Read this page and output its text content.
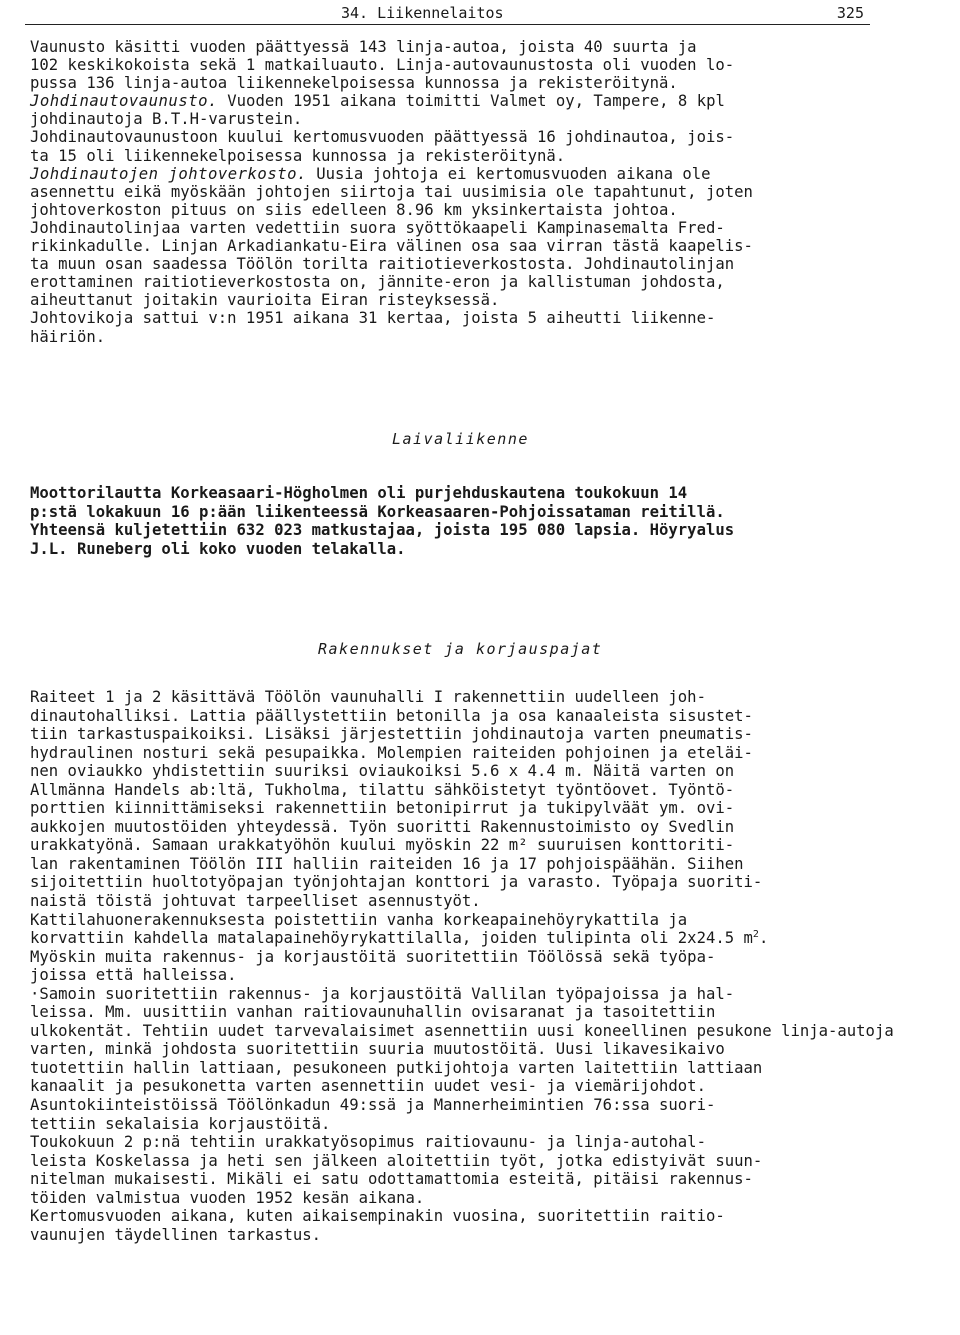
34. Liikennelaitos	325
Vaunusto käsitti vuoden päättyessä 143 linja-autoa, joista 40 suurta ja
102 keskikokoista sekä 1 matkailuauto. Linja-autovaunustosta oli vuoden lo-
pussa 136 linja-autoa liikennekelpoisessa kunnossa ja rekisteröitynä.
Johdinautovaunusto. Vuoden 1951 aikana toimitti Valmet oy, Tampere, 8 kpl
johdinautoja B.T.H-varustein.
Johdinautovaunustoon kuului kertomusvuoden päättyessä 16 johdinautoa, jois-
ta 15 oli liikennekelpoisessa kunnossa ja rekisteröitynä.
Johdinautojen johtoverkosto. Uusia johtoja ei kertomusvuoden aikana ole
asennettu eikä myöskään johtojen siirtoja tai uusimisia ole tapahtunut, joten
johtoverkoston pituus on siis edelleen 8.96 km yksinkertaista johtoa.
Johdinautolinjaa varten vedettiin suora syöttökaapeli Kampinasemalta Fred-
rikinkadulle. Linjan Arkadiankatu-Eira välinen osa saa virran tästä kaapelis-
ta muun osan saadessa Töölön torilta raitiotieverkostosta. Johdinautolinjan
erottaminen raitiotieverkostosta on, jännite-eron ja kallistuman johdosta,
aiheuttanut joitakin vaurioita Eiran risteyksessä.
Johtovikoja sattui v:n 1951 aikana 31 kertaa, joista 5 aiheutti liikenne-
häiriön.
Laivaliikenne
Moottorilautta Korkeasaari-Högholmen oli purjehduskautena toukokuun 14
p:stä lokakuun 16 p:ään liikenteessä Korkeasaaren-Pohjoissataman reitillä.
Yhteensä kuljetettiin 632 023 matkustajaa, joista 195 080 lapsia. Höyryalus
J.L. Runeberg oli koko vuoden telakalla.
Rakennukset ja korjauspajat
Raiteet 1 ja 2 käsittävä Töölön vaunuhalli I rakennettiin uudelleen joh-
dinautohalliksi. Lattia päällystettiin betonilla ja osa kanaaleista sisustet-
tiin tarkastuspaikoiksi. Lisäksi järjestettiin johdinautoja varten pneumatis-
hydraulinen nosturi sekä pesupaikka. Molempien raiteiden pohjoinen ja eteläi-
nen oviaukko yhdistettiin suuriksi oviaukoiksi 5.6 x 4.4 m. Näitä varten on
Allmänna Handels ab:ltä, Tukholma, tilattu sähköistetyt työntöovet. Työntö-
porttien kiinnittämiseksi rakennettiin betonipirrut ja tukipylväät ym. ovi-
aukkojen muutostöiden yhteydessä. Työn suoritti Rakennustoimisto oy Svedlin
urakkatyönä. Samaan urakkatyöhön kuului myöskin 22 m² suuruisen konttoriti-
lan rakentaminen Töölön III halliin raiteiden 16 ja 17 pohjoispäähän. Siihen
sijoitettiin huoltotyöpajan työnjohtajan konttori ja varasto. Työpaja suoriti-
naistä töistä johtuvat tarpeelliset asennustyöt.
Kattilahuonerakennuksesta poistettiin vanha korkeapainehöyrykattila ja
korvattiin kahdella matalapainehöyrykattilalla, joiden tulipinta oli 2x24.5 $m^2$.
Myöskin muita rakennus- ja korjaustöitä suoritettiin Töölössä sekä työpa-
joissa että halleissa.
·Samoin suoritettiin rakennus- ja korjaustöitä Vallilan työpajoissa ja hal-
leissa. Mm. uusittiin vanhan raitiovaunuhallin ovisaranat ja tasoitettiin
ulkokentät. Tehtiin uudet tarvevalaisimet asennettiin uusi koneellinen pesukone linja-autoja
varten, minkä johdosta suoritettiin suuria muutostöitä. Uusi likavesikaivo
tuotettiin hallin lattiaan, pesukoneen putkijohtoja varten laitettiin lattiaan
kanaalit ja pesukonetta varten asennettiin uudet vesi- ja viemärijohdot.
Asuntokiinteistöissä Töölönkadun 49:ssä ja Mannerheimintien 76:ssa suori-
tettiin sekalaisia korjaustöitä.
Toukokuun 2 p:nä tehtiin urakkatyösopimus raitiovaunu- ja linja-autohal-
leista Koskelassa ja heti sen jälkeen aloitettiin työt, jotka edistyivät suun-
nitelman mukaisesti. Mikäli ei satu odottamattomia esteitä, pitäisi rakennus-
töiden valmistua vuoden 1952 kesän aikana.
Kertomusvuoden aikana, kuten aikaisempinakin vuosina, suoritettiin raitio-
vaunujen täydellinen tarkastus.
